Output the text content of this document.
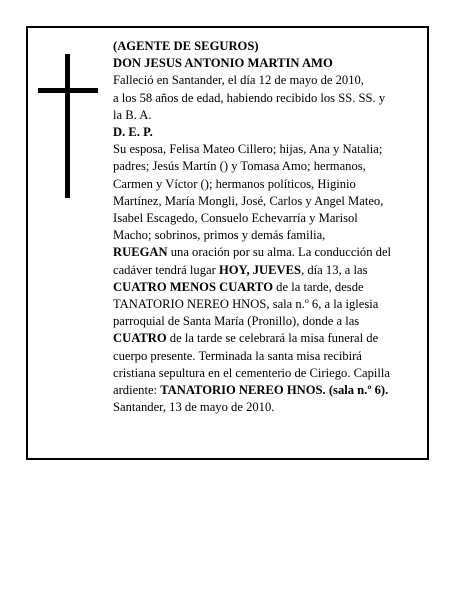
(AGENTE DE SEGUROS)
DON JESUS ANTONIO MARTIN AMO
Falleció en Santander, el día 12 de mayo de 2010,
a los 58 años de edad, habiendo recibido los SS. SS. y
la B. A.
D. E. P.
Su esposa, Felisa Mateo Cillero; hijas, Ana y Natalia;
padres; Jesús Martín () y Tomasa Amo; hermanos,
Carmen y Víctor (); hermanos políticos, Higinio
Martínez, María Mongli, José, Carlos y Angel Mateo,
Isabel Escagedo, Consuelo Echevarría y Marisol
Macho; sobrinos, primos y demás familia,
RUEGAN una oración por su alma. La conducción del
cadáver tendrá lugar HOY, JUEVES, día 13, a las
CUATRO MENOS CUARTO de la tarde, desde
TANATORIO NEREO HNOS, sala n.º 6, a la iglesia
parroquial de Santa María (Pronillo), donde a las
CUATRO de la tarde se celebrará la misa funeral de
cuerpo presente. Terminada la santa misa recibirá
cristiana sepultura en el cementerio de Ciriego. Capilla
ardiente: TANATORIO NEREO HNOS. (sala n.º 6).
Santander, 13 de mayo de 2010.
